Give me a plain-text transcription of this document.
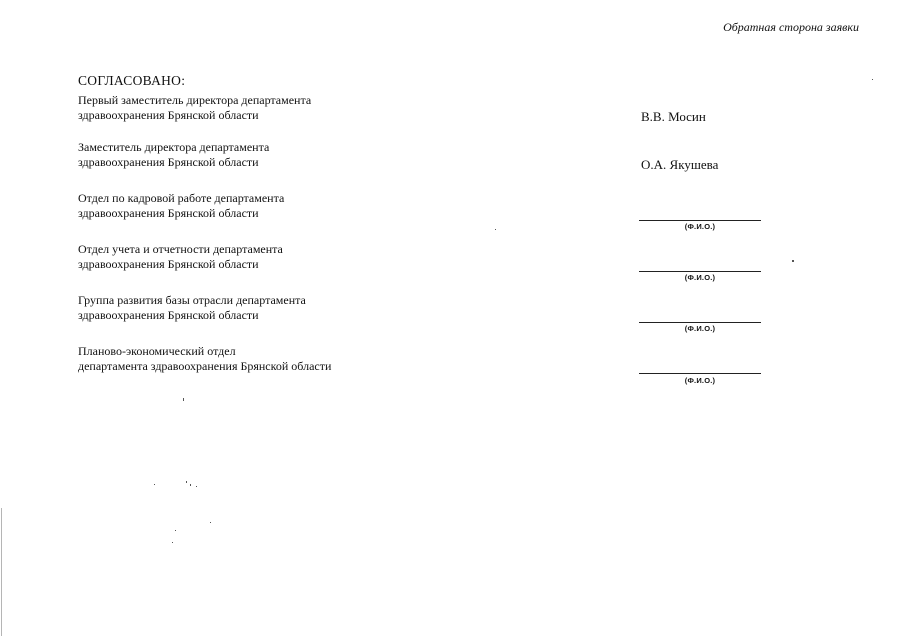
Обратная сторона заявки
СОГЛАСОВАНО:
Первый заместитель директора департамента
здравоохранения Брянской области	В.В. Мосин
Заместитель директора департамента
здравоохранения Брянской области	О.А. Якушева
Отдел по кадровой работе департамента
здравоохранения Брянской области
(Ф.И.О.)
Отдел учета и отчетности департамента
здравоохранения Брянской области
(Ф.И.О.)
Группа развития базы отрасли департамента
здравоохранения Брянской области
(Ф.И.О.)
Планово-экономический отдел
департамента здравоохранения Брянской области
(Ф.И.О.)
